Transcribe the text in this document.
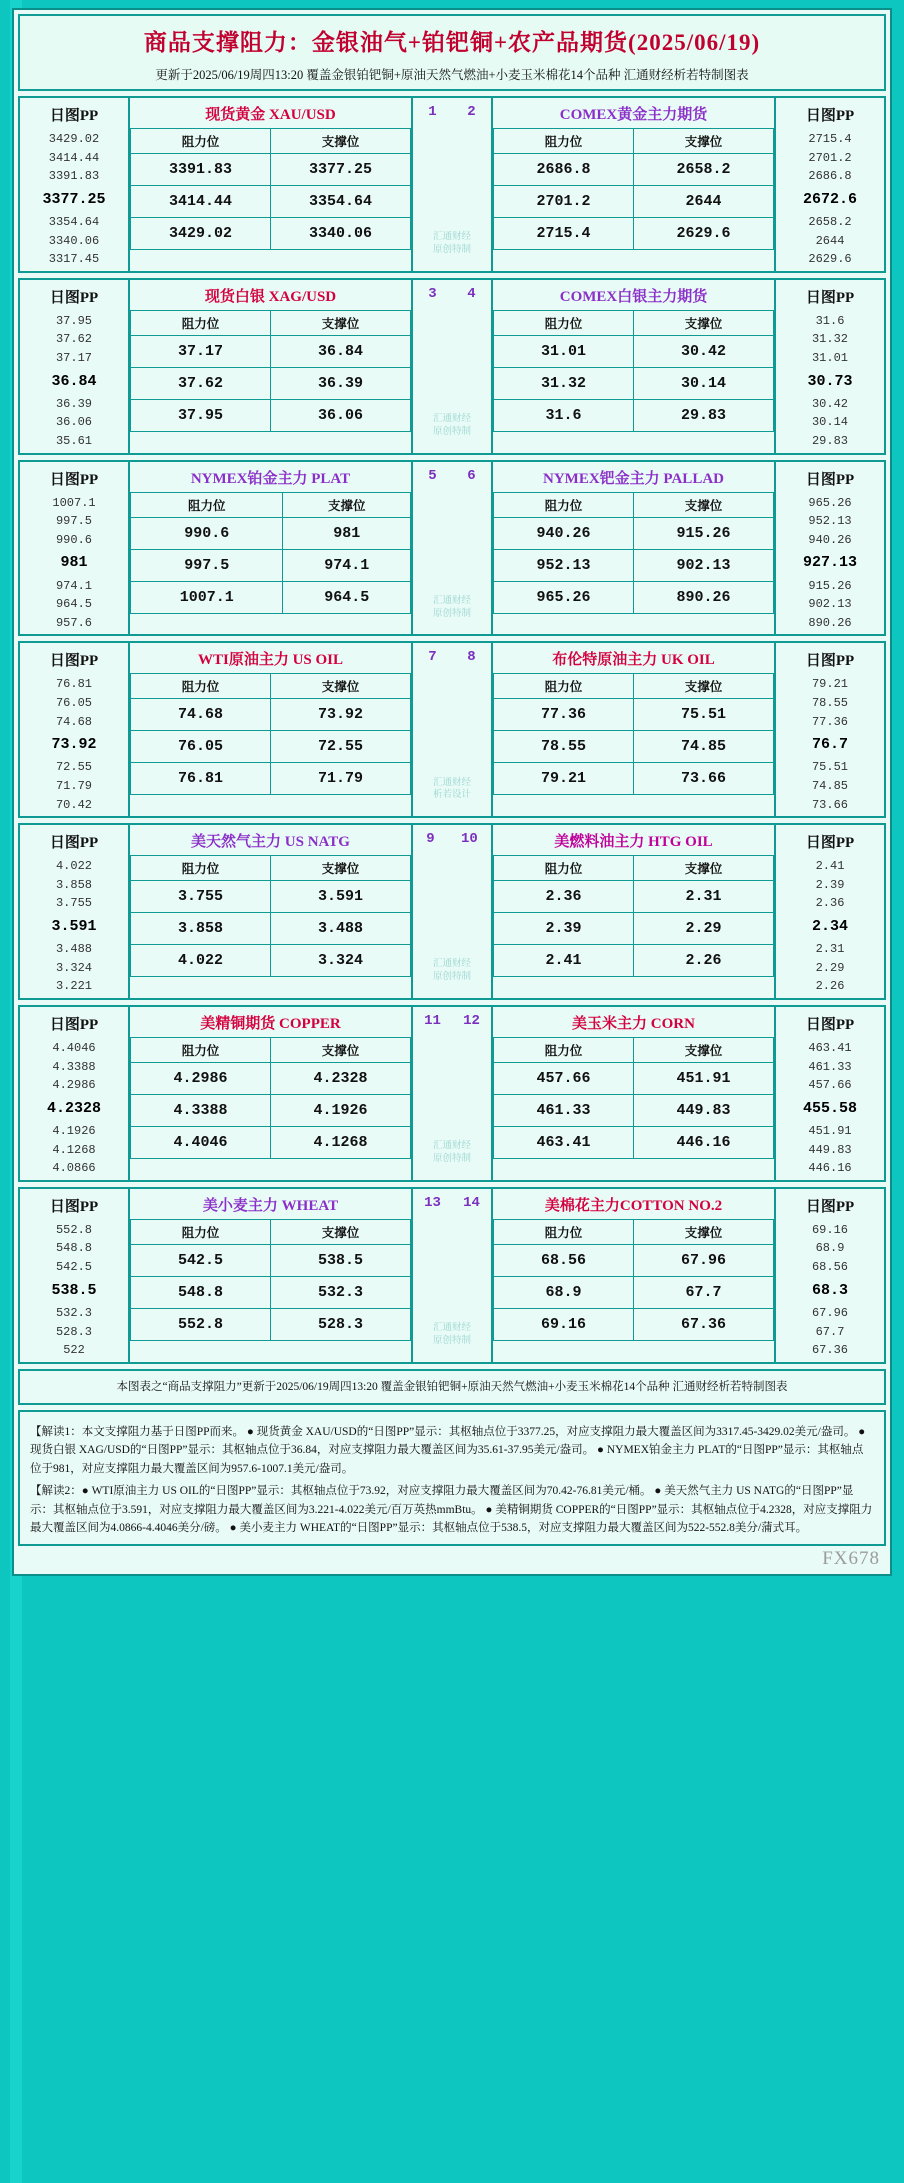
商品支撑阻力：金银油气+铂钯铜+农产品期货(2025/06/19)
更新于2025/06/19周四13:20 覆盖金银铂钯铜+原油天然气燃油+小麦玉米棉花14个品种 汇通财经析若特制图表
日图PP
3429.02
3414.44
3391.83
3377.25
3354.64
3340.06
3317.45
现货黄金 XAU/USD
阻力位	支撑位
3391.83	3377.25
3414.44	3354.64
3429.02	3340.06
1 2
汇通财经
原创特制
COMEX黄金主力期货
阻力位	支撑位
2686.8	2658.2
2701.2	2644
2715.4	2629.6
日图PP
2715.4
2701.2
2686.8
2672.6
2658.2
2644
2629.6
日图PP
37.95
37.62
37.17
36.84
36.39
36.06
35.61
现货白银 XAG/USD
阻力位	支撑位
37.17	36.84
37.62	36.39
37.95	36.06
3 4
汇通财经
原创特制
COMEX白银主力期货
阻力位	支撑位
31.01	30.42
31.32	30.14
31.6	29.83
日图PP
31.6
31.32
31.01
30.73
30.42
30.14
29.83
日图PP
1007.1
997.5
990.6
981
974.1
964.5
957.6
NYMEX铂金主力 PLAT
阻力位	支撑位
990.6	981
997.5	974.1
1007.1	964.5
5 6
汇通财经
原创特制
NYMEX钯金主力 PALLAD
阻力位	支撑位
940.26	915.26
952.13	902.13
965.26	890.26
日图PP
965.26
952.13
940.26
927.13
915.26
902.13
890.26
日图PP
76.81
76.05
74.68
73.92
72.55
71.79
70.42
WTI原油主力 US OIL
阻力位	支撑位
74.68	73.92
76.05	72.55
76.81	71.79
7 8
汇通财经
析若设计
布伦特原油主力 UK OIL
阻力位	支撑位
77.36	75.51
78.55	74.85
79.21	73.66
日图PP
79.21
78.55
77.36
76.7
75.51
74.85
73.66
日图PP
4.022
3.858
3.755
3.591
3.488
3.324
3.221
美天然气主力 US NATG
阻力位	支撑位
3.755	3.591
3.858	3.488
4.022	3.324
9 10
汇通财经
原创特制
美燃料油主力 HTG OIL
阻力位	支撑位
2.36	2.31
2.39	2.29
2.41	2.26
日图PP
2.41
2.39
2.36
2.34
2.31
2.29
2.26
日图PP
4.4046
4.3388
4.2986
4.2328
4.1926
4.1268
4.0866
美精铜期货 COPPER
阻力位	支撑位
4.2986	4.2328
4.3388	4.1926
4.4046	4.1268
11 12
汇通财经
原创特制
美玉米主力 CORN
阻力位	支撑位
457.66	451.91
461.33	449.83
463.41	446.16
日图PP
463.41
461.33
457.66
455.58
451.91
449.83
446.16
日图PP
552.8
548.8
542.5
538.5
532.3
528.3
522
美小麦主力 WHEAT
阻力位	支撑位
542.5	538.5
548.8	532.3
552.8	528.3
13 14
汇通财经
原创特制
美棉花主力COTTON NO.2
阻力位	支撑位
68.56	67.96
68.9	67.7
69.16	67.36
日图PP
69.16
68.9
68.56
68.3
67.96
67.7
67.36
本图表之“商品支撑阻力”更新于2025/06/19周四13:20 覆盖金银铂钯铜+原油天然气燃油+小麦玉米棉花14个品种 汇通财经析若特制图表
【解读1：本文支撑阻力基于日图PP而来。 ● 现货黄金 XAU/USD的“日图PP”显示：其枢轴点位于3377.25，对应支撑阻力最大覆盖区间为3317.45-3429.02美元/盎司。 ● 现货白银 XAG/USD的“日图PP”显示：其枢轴点位于36.84，对应支撑阻力最大覆盖区间为35.61-37.95美元/盎司。 ● NYMEX铂金主力 PLAT的“日图PP”显示：其枢轴点位于981，对应支撑阻力最大覆盖区间为957.6-1007.1美元/盎司。
【解读2：● WTI原油主力 US OIL的“日图PP”显示：其枢轴点位于73.92，对应支撑阻力最大覆盖区间为70.42-76.81美元/桶。 ● 美天然气主力 US NATG的“日图PP”显示：其枢轴点位于3.591，对应支撑阻力最大覆盖区间为3.221-4.022美元/百万英热mmBtu。 ● 美精铜期货 COPPER的“日图PP”显示：其枢轴点位于4.2328，对应支撑阻力最大覆盖区间为4.0866-4.4046美分/磅。 ● 美小麦主力 WHEAT的“日图PP”显示：其枢轴点位于538.5，对应支撑阻力最大覆盖区间为522-552.8美分/蒲式耳。
FX678
